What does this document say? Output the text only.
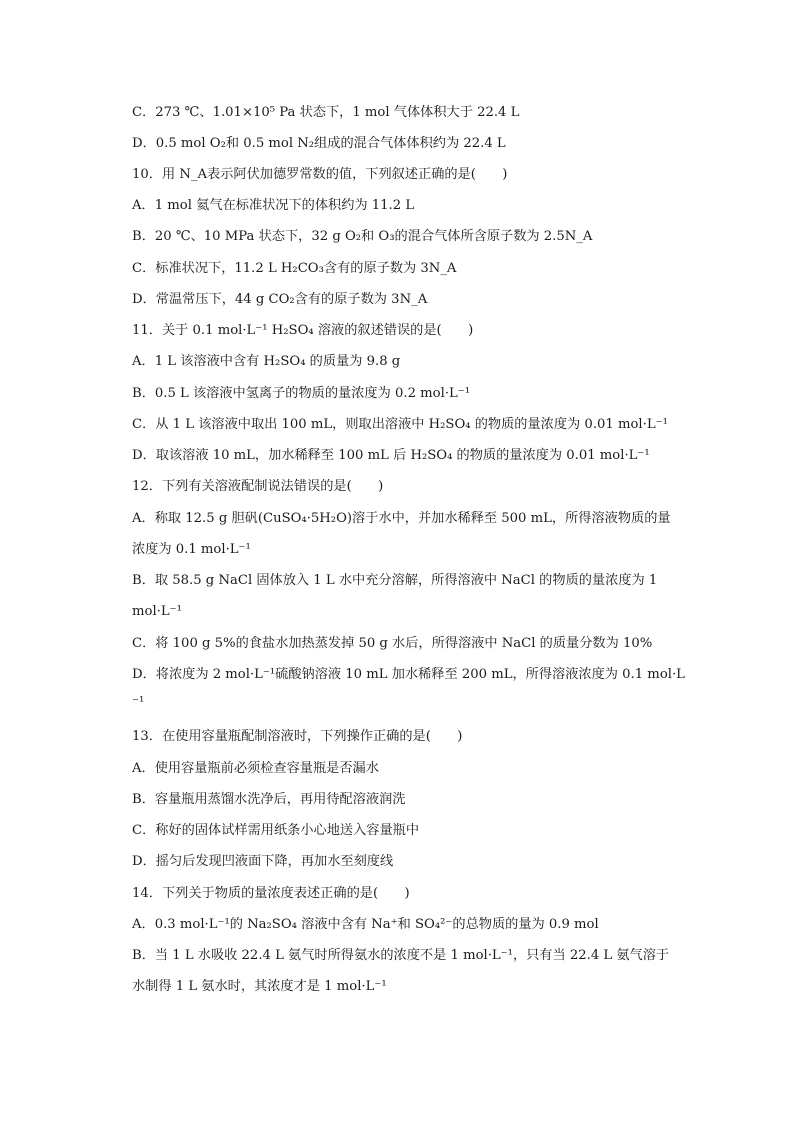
C．273 ℃、1.01×10⁵ Pa 状态下，1 mol 气体体积大于 22.4 L
D．0.5 mol O₂和 0.5 mol N₂组成的混合气体体积约为 22.4 L
10．用 N_A表示阿伏加德罗常数的值，下列叙述正确的是(　　)
A．1 mol 氦气在标准状况下的体积约为 11.2 L
B．20 ℃、10 MPa 状态下，32 g O₂和 O₃的混合气体所含原子数为 2.5N_A
C．标准状况下，11.2 L H₂CO₃含有的原子数为 3N_A
D．常温常压下，44 g CO₂含有的原子数为 3N_A
11．关于 0.1 mol·L⁻¹ H₂SO₄ 溶液的叙述错误的是(　　)
A．1 L 该溶液中含有 H₂SO₄ 的质量为 9.8 g
B．0.5 L 该溶液中氢离子的物质的量浓度为 0.2 mol·L⁻¹
C．从 1 L 该溶液中取出 100 mL，则取出溶液中 H₂SO₄ 的物质的量浓度为 0.01 mol·L⁻¹
D．取该溶液 10 mL，加水稀释至 100 mL 后 H₂SO₄ 的物质的量浓度为 0.01 mol·L⁻¹
12．下列有关溶液配制说法错误的是(　　)
A．称取 12.5 g 胆矾(CuSO₄·5H₂O)溶于水中，并加水稀释至 500 mL，所得溶液物质的量
浓度为 0.1 mol·L⁻¹
B．取 58.5 g NaCl 固体放入 1 L 水中充分溶解，所得溶液中 NaCl 的物质的量浓度为 1
mol·L⁻¹
C．将 100 g 5%的食盐水加热蒸发掉 50 g 水后，所得溶液中 NaCl 的质量分数为 10%
D．将浓度为 2 mol·L⁻¹硫酸钠溶液 10 mL 加水稀释至 200 mL，所得溶液浓度为 0.1 mol·L
⁻¹
13．在使用容量瓶配制溶液时，下列操作正确的是(　　)
A．使用容量瓶前必须检查容量瓶是否漏水
B．容量瓶用蒸馏水洗净后，再用待配溶液润洗
C．称好的固体试样需用纸条小心地送入容量瓶中
D．摇匀后发现凹液面下降，再加水至刻度线
14．下列关于物质的量浓度表述正确的是(　　)
A．0.3 mol·L⁻¹的 Na₂SO₄ 溶液中含有 Na⁺和 SO₄²⁻的总物质的量为 0.9 mol
B．当 1 L 水吸收 22.4 L 氨气时所得氨水的浓度不是 1 mol·L⁻¹，只有当 22.4 L 氨气溶于
水制得 1 L 氨水时，其浓度才是 1 mol·L⁻¹
